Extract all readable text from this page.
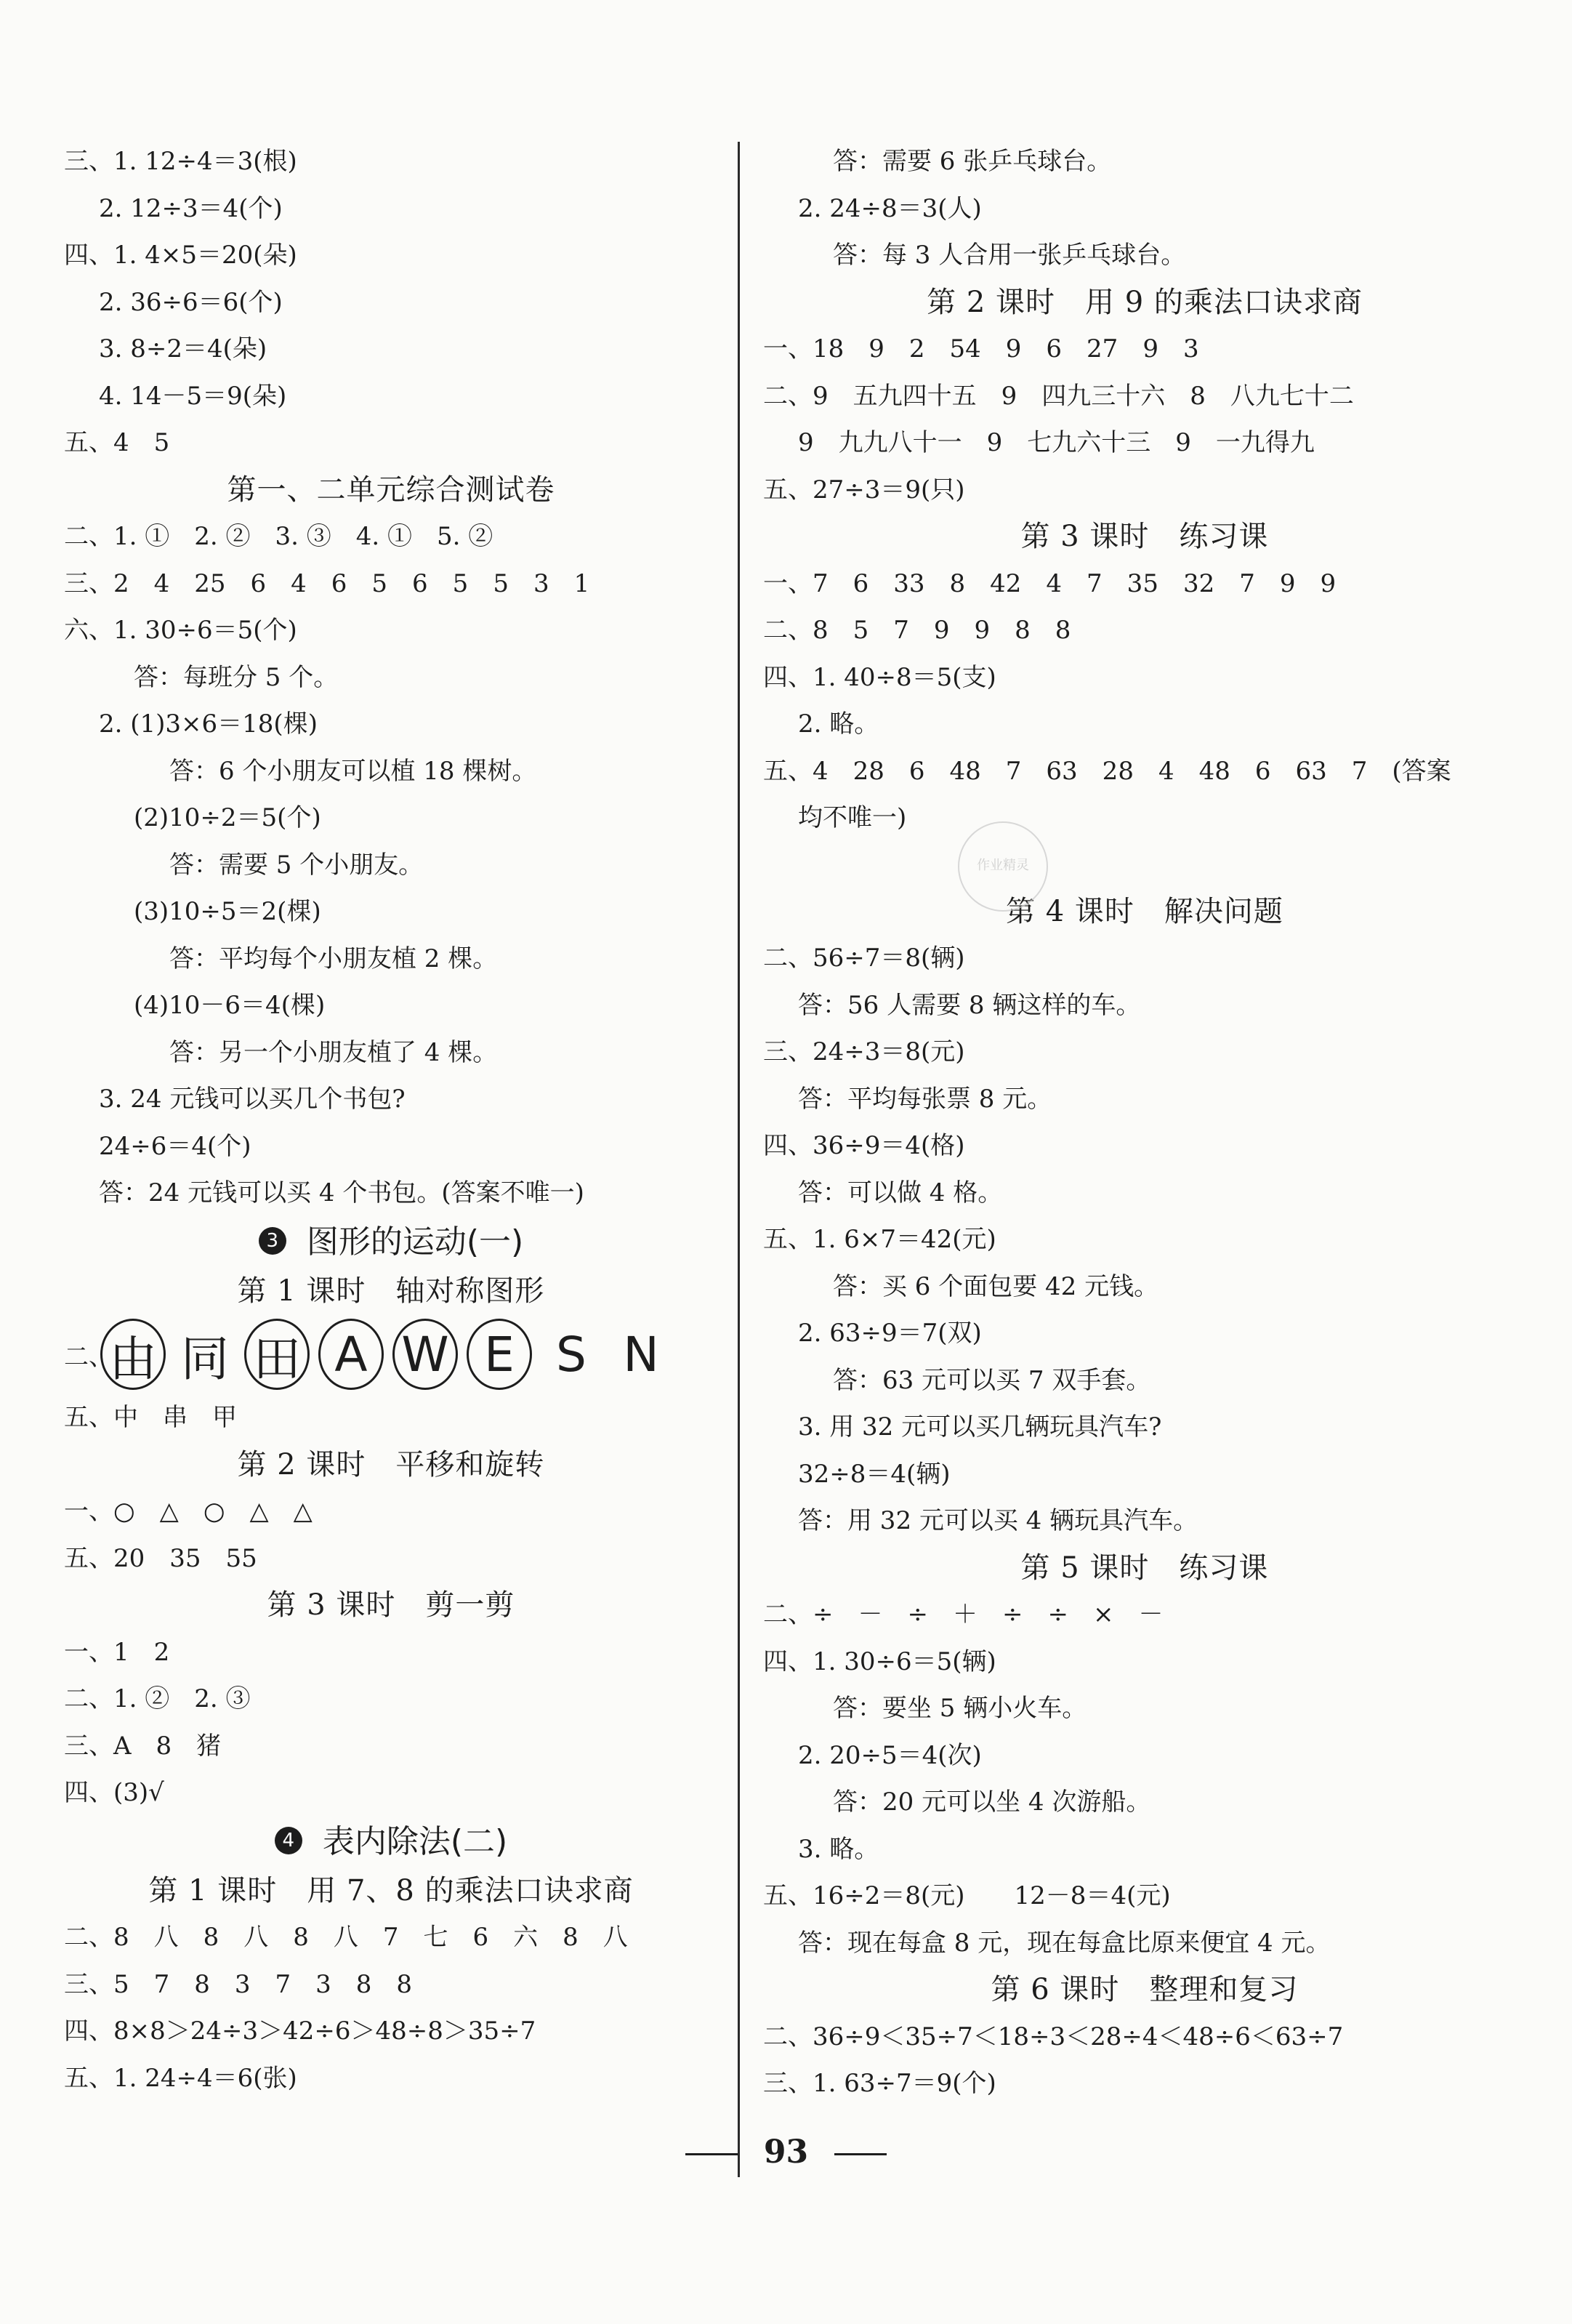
三、1. 12÷4＝3(根)
2. 12÷3＝4(个)
四、1. 4×5＝20(朵)
2. 36÷6＝6(个)
3. 8÷2＝4(朵)
4. 14－5＝9(朵)
五、4　5
第一、二单元综合测试卷
二、1. ①　2. ②　3. ③　4. ①　5. ②
三、2　4　25　6　4　6　5　6　5　5　3　1
六、1. 30÷6＝5(个)
答：每班分 5 个。
2. (1)3×6＝18(棵)
答：6 个小朋友可以植 18 棵树。
(2)10÷2＝5(个)
答：需要 5 个小朋友。
(3)10÷5＝2(棵)
答：平均每个小朋友植 2 棵。
(4)10－6＝4(棵)
答：另一个小朋友植了 4 棵。
3. 24 元钱可以买几个书包?
24÷6＝4(个)
答：24 元钱可以买 4 个书包。(答案不唯一)
3 图形的运动(一)
第 1 课时　轴对称图形
二、
由 同 田 A W E S N
五、中　串　甲
第 2 课时　平移和旋转
一、○　△　○　△　△
五、20　35　55
第 3 课时　剪一剪
一、1　2
二、1. ②　2. ③
三、A　8　猪
四、(3)√
4 表内除法(二)
第 1 课时　用 7、8 的乘法口诀求商
二、8　八　8　八　8　八　7　七　6　六　8　八
三、5　7　8　3　7　3　8　8
四、8×8＞24÷3＞42÷6＞48÷8＞35÷7
五、1. 24÷4＝6(张)
答：需要 6 张乒乓球台。
2. 24÷8＝3(人)
答：每 3 人合用一张乒乓球台。
第 2 课时　用 9 的乘法口诀求商
一、18　9　2　54　9　6　27　9　3
二、9　五九四十五　9　四九三十六　8　八九七十二
9　九九八十一　9　七九六十三　9　一九得九
五、27÷3＝9(只)
第 3 课时　练习课
一、7　6　33　8　42　4　7　35　32　7　9　9
二、8　5　7　9　9　8　8
四、1. 40÷8＝5(支)
2. 略。
五、4　28　6　48　7　63　28　4　48　6　63　7　(答案
均不唯一)
第 4 课时　解决问题
二、56÷7＝8(辆)
答：56 人需要 8 辆这样的车。
三、24÷3＝8(元)
答：平均每张票 8 元。
四、36÷9＝4(格)
答：可以做 4 格。
五、1. 6×7＝42(元)
答：买 6 个面包要 42 元钱。
2. 63÷9＝7(双)
答：63 元可以买 7 双手套。
3. 用 32 元可以买几辆玩具汽车?
32÷8＝4(辆)
答：用 32 元可以买 4 辆玩具汽车。
第 5 课时　练习课
二、÷　－　÷　＋　÷　÷　×　－
四、1. 30÷6＝5(辆)
答：要坐 5 辆小火车。
2. 20÷5＝4(次)
答：20 元可以坐 4 次游船。
3. 略。
五、16÷2＝8(元)　　12－8＝4(元)
答：现在每盒 8 元，现在每盒比原来便宜 4 元。
第 6 课时　整理和复习
二、36÷9＜35÷7＜18÷3＜28÷4＜48÷6＜63÷7
三、1. 63÷7＝9(个)
作业精灵
93
